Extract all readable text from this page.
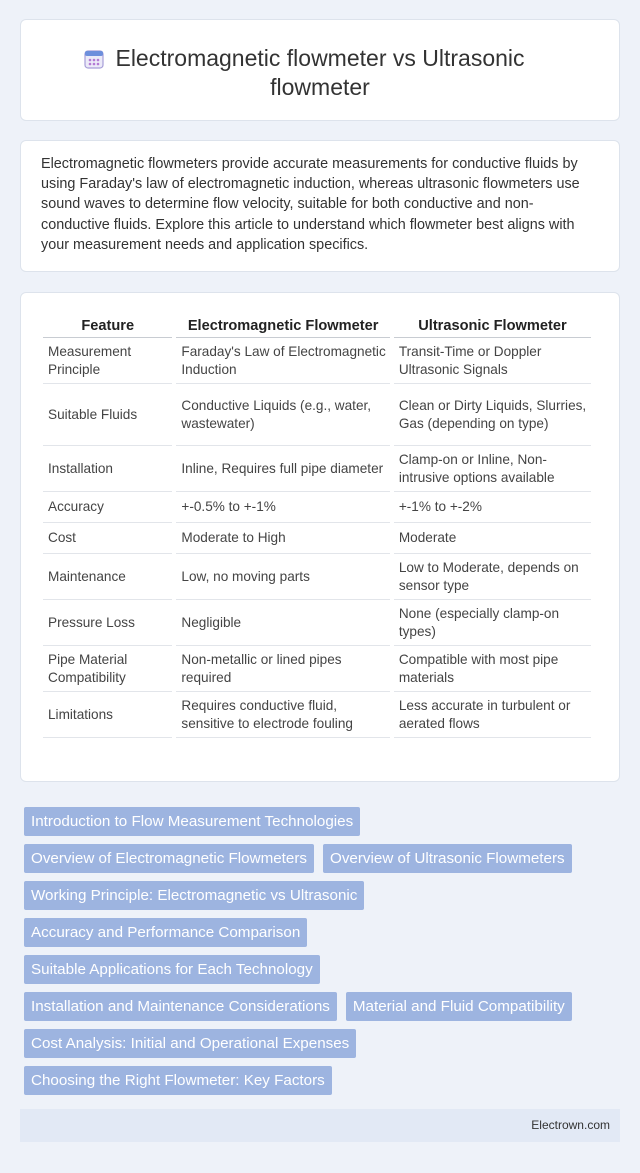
Electromagnetic flowmeter vs Ultrasonic flowmeter
Electromagnetic flowmeters provide accurate measurements for conductive fluids by using Faraday's law of electromagnetic induction, whereas ultrasonic flowmeters use sound waves to determine flow velocity, suitable for both conductive and non-conductive fluids. Explore this article to understand which flowmeter best aligns with your measurement needs and application specifics.
Feature	Electromagnetic Flowmeter	Ultrasonic Flowmeter
Measurement Principle	Faraday's Law of Electromagnetic Induction	Transit-Time or Doppler Ultrasonic Signals
Suitable Fluids	Conductive Liquids (e.g., water, wastewater)	Clean or Dirty Liquids, Slurries, Gas (depending on type)
Installation	Inline, Requires full pipe diameter	Clamp-on or Inline, Non-intrusive options available
Accuracy	+-0.5% to +-1%	+-1% to +-2%
Cost	Moderate to High	Moderate
Maintenance	Low, no moving parts	Low to Moderate, depends on sensor type
Pressure Loss	Negligible	None (especially clamp-on types)
Pipe Material Compatibility	Non-metallic or lined pipes required	Compatible with most pipe materials
Limitations	Requires conductive fluid, sensitive to electrode fouling	Less accurate in turbulent or aerated flows
Introduction to Flow Measurement Technologies
Overview of Electromagnetic Flowmeters Overview of Ultrasonic Flowmeters
Working Principle: Electromagnetic vs Ultrasonic
Accuracy and Performance Comparison
Suitable Applications for Each Technology
Installation and Maintenance Considerations Material and Fluid Compatibility
Cost Analysis: Initial and Operational Expenses
Choosing the Right Flowmeter: Key Factors
Electrown.com
